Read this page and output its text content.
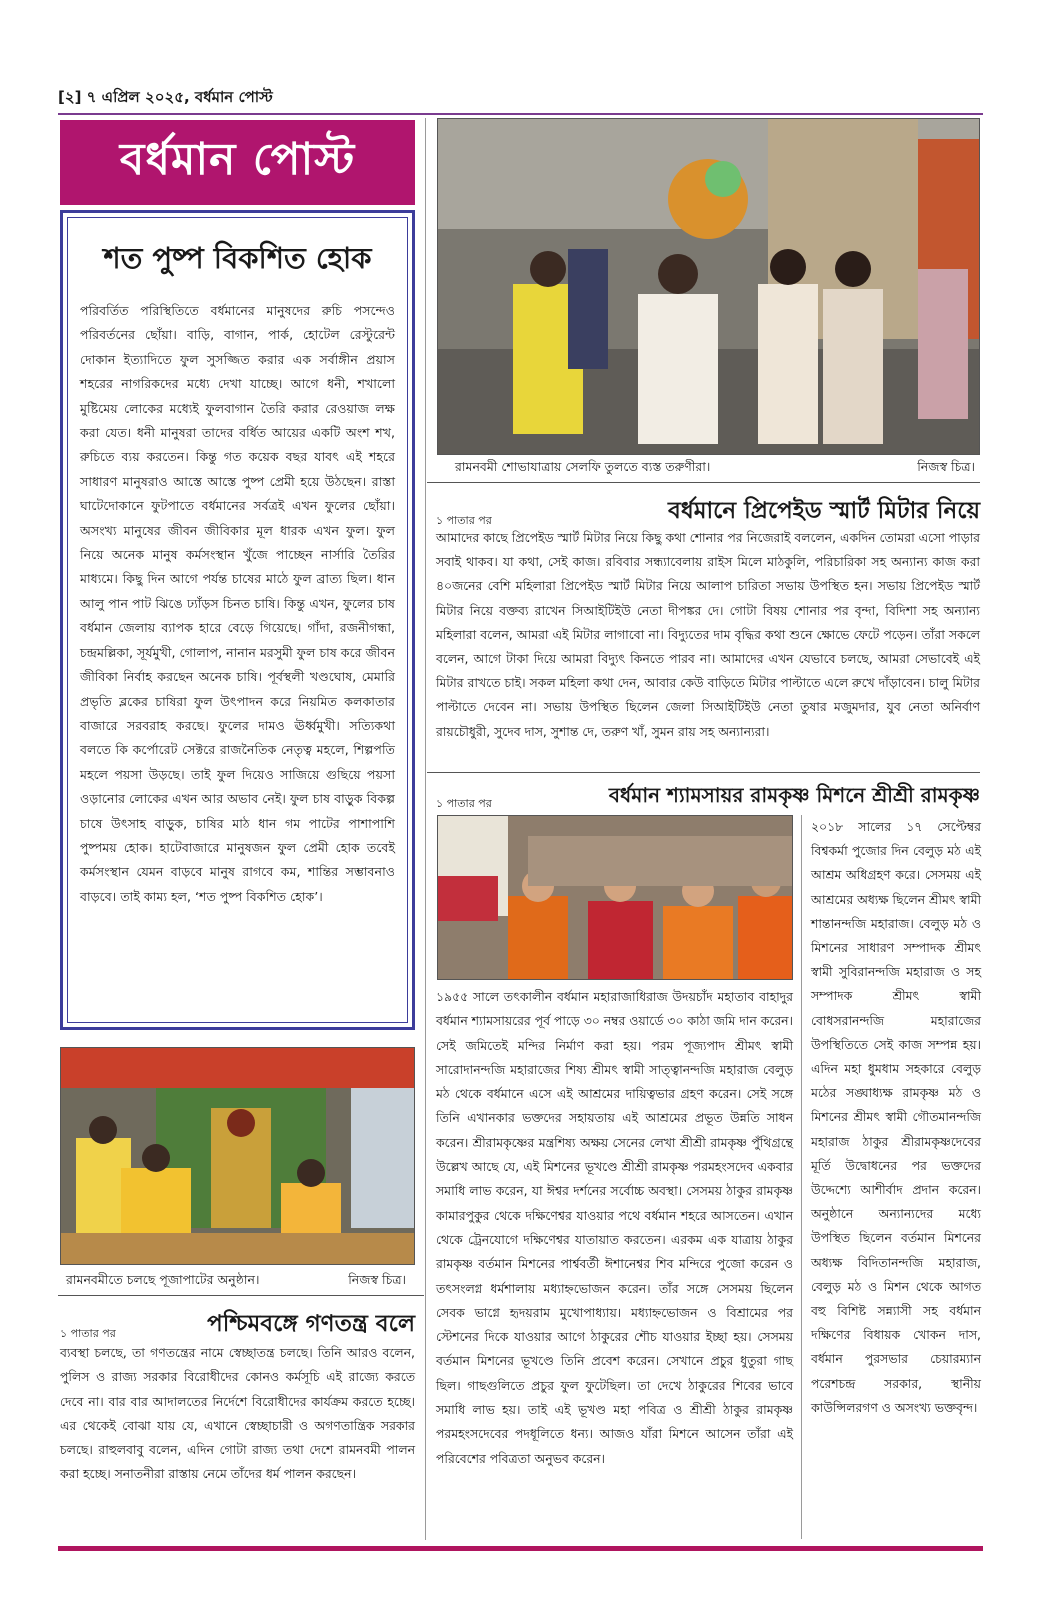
[২] ৭ এপ্রিল ২০২৫, বর্ধমান পোস্ট
বর্ধমান পোস্ট
শত পুষ্প বিকশিত হোক
পরিবর্তিত পরিস্থিতিতে বর্ধমানের মানুষদের রুচি পসন্দেও পরিবর্তনের ছোঁয়া। বাড়ি, বাগান, পার্ক, হোটেল রেস্টুরেন্ট দোকান ইত্যাদিতে ফুল সুসজ্জিত করার এক সর্বাঙ্গীন প্রয়াস শহরের নাগরিকদের মধ্যে দেখা যাচ্ছে। আগে ধনী, শখালো মুষ্টিমেয় লোকের মধ্যেই ফুলবাগান তৈরি করার রেওয়াজ লক্ষ করা যেত। ধনী মানুষরা তাদের বর্ধিত আয়ের একটি অংশ শখ, রুচিতে ব্যয় করতেন। কিন্তু গত কয়েক বছর যাবৎ এই শহরে সাধারণ মানুষরাও আস্তে আস্তে পুষ্প প্রেমী হয়ে উঠছেন। রাস্তা ঘাটেদোকানে ফুটপাতে বর্ধমানের সর্বত্রই এখন ফুলের ছোঁয়া। অসংখ্য মানুষের জীবন জীবিকার মূল ধারক এখন ফুল। ফুল নিয়ে অনেক মানুষ কর্মসংস্থান খুঁজে পাচ্ছেন নার্সারি তৈরির মাধ্যমে। কিছু দিন আগে পর্যন্ত চাষের মাঠে ফুল ব্রাত্য ছিল। ধান আলু পান পাট ঝিঙে ঢ্যাঁড়স চিনত চাষি। কিন্তু এখন, ফুলের চাষ বর্ধমান জেলায় ব্যাপক হারে বেড়ে গিয়েছে। গাঁদা, রজনীগন্ধা, চন্দ্রমল্লিকা, সূর্যমুখী, গোলাপ, নানান মরসুমী ফুল চাষ করে জীবন জীবিকা নির্বাহ করছেন অনেক চাষি। পূর্বস্থলী খণ্ডঘোষ, মেমারি প্রভৃতি ব্লকের চাষিরা ফুল উৎপাদন করে নিয়মিত কলকাতার বাজারে সরবরাহ করছে। ফুলের দামও ঊর্ধ্বমুখী। সত্যিকথা বলতে কি কর্পোরেট সেক্টরে রাজনৈতিক নেতৃত্ব মহলে, শিল্পপতি মহলে পয়সা উড়ছে। তাই ফুল দিয়েও সাজিয়ে গুছিয়ে পয়সা ওড়ানোর লোকের এখন আর অভাব নেই। ফুল চাষ বাড়ুক বিকল্প চাষে উৎসাহ বাড়ুক, চাষির মাঠ ধান গম পাটের পাশাপাশি পুষ্পময় হোক। হাটেবাজারে মানুষজন ফুল প্রেমী হোক তবেই কর্মসংস্থান যেমন বাড়বে মানুষ রাগবে কম, শান্তির সম্ভাবনাও বাড়বে। তাই কাম্য হল, ‘শত পুষ্প বিকশিত হোক’।
রামনবমী শোভাযাত্রায় সেলফি তুলতে ব্যস্ত তরুণীরা।	নিজস্ব চিত্র।
১ পাতার পর	বর্ধমানে প্রিপেইড স্মার্ট মিটার নিয়ে
আমাদের কাছে প্রিপেইড স্মার্ট মিটার নিয়ে কিছু কথা শোনার পর নিজেরাই বললেন, একদিন তোমরা এসো পাড়ার সবাই থাকব। যা কথা, সেই কাজ। রবিবার সন্ধ্যাবেলায় রাইস মিলে মাঠকুলি, পরিচারিকা সহ অন্যান্য কাজ করা ৪০জনের বেশি মহিলারা প্রিপেইড স্মার্ট মিটার নিয়ে আলাপ চারিতা সভায় উপস্থিত হন। সভায় প্রিপেইড স্মার্ট মিটার নিয়ে বক্তব্য রাখেন সিআইটিইউ নেতা দীপঙ্কর দে। গোটা বিষয় শোনার পর বৃন্দা, বিদিশা সহ অন্যান্য মহিলারা বলেন, আমরা এই মিটার লাগাবো না। বিদ্যুতের দাম বৃদ্ধির কথা শুনে ক্ষোভে ফেটে পড়েন। তাঁরা সকলে বলেন, আগে টাকা দিয়ে আমরা বিদ্যুৎ কিনতে পারব না। আমাদের এখন যেভাবে চলছে, আমরা সেভাবেই এই মিটার রাখতে চাই। সকল মহিলা কথা দেন, আবার কেউ বাড়িতে মিটার পাল্টাতে এলে রুখে দাঁড়াবেন। চালু মিটার পাল্টাতে দেবেন না। সভায় উপস্থিত ছিলেন জেলা সিআইটিইউ নেতা তুষার মজুমদার, যুব নেতা অনির্বাণ রায়চৌধুরী, সুদেব দাস, সুশান্ত দে, তরুণ খাঁ, সুমন রায় সহ অন্যান্যরা।
১ পাতার পর	বর্ধমান শ্যামসায়র রামকৃষ্ণ মিশনে শ্রীশ্রী রামকৃষ্ণ
১৯৫৫ সালে তৎকালীন বর্ধমান মহারাজাধিরাজ উদয়চাঁদ মহাতাব বাহাদুর বর্ধমান শ্যামসায়রের পূর্ব পাড়ে ৩০ নম্বর ওয়ার্ডে ৩০ কাঠা জমি দান করেন। সেই জমিতেই মন্দির নির্মাণ করা হয়। পরম পূজ্যপাদ শ্রীমৎ স্বামী সারোদানন্দজি মহারাজের শিষ্য শ্রীমৎ স্বামী সাত্ত্বানন্দজি মহারাজ বেলুড় মঠ থেকে বর্ধমানে এসে এই আশ্রমের দায়িত্বভার গ্রহণ করেন। সেই সঙ্গে তিনি এখানকার ভক্তদের সহায়তায় এই আশ্রমের প্রভূত উন্নতি সাধন করেন। শ্রীরামকৃষ্ণের মন্ত্রশিষ্য অক্ষয় সেনের লেখা শ্রীশ্রী রামকৃষ্ণ পুঁথিগ্রন্থে উল্লেখ আছে যে, এই মিশনের ভূখণ্ডে শ্রীশ্রী রামকৃষ্ণ পরমহংসদেব একবার সমাধি লাভ করেন, যা ঈশ্বর দর্শনের সর্বোচ্চ অবস্থা। সেসময় ঠাকুর রামকৃষ্ণ কামারপুকুর থেকে দক্ষিণেশ্বর যাওয়ার পথে বর্ধমান শহরে আসতেন। এখান থেকে ট্রেনযোগে দক্ষিণেশ্বর যাতায়াত করতেন। এরকম এক যাত্রায় ঠাকুর রামকৃষ্ণ বর্তমান মিশনের পার্শ্ববর্তী ঈশানেশ্বর শিব মন্দিরে পুজো করেন ও তৎসংলগ্ন ধর্মশালায় মধ্যাহ্নভোজন করেন। তাঁর সঙ্গে সেসময় ছিলেন সেবক ভাগ্নে হৃদয়রাম মুখোপাধ্যায়। মধ্যাহ্নভোজন ও বিশ্রামের পর স্টেশনের দিকে যাওয়ার আগে ঠাকুরের শৌচ যাওয়ার ইচ্ছা হয়। সেসময় বর্তমান মিশনের ভূখণ্ডে তিনি প্রবেশ করেন। সেখানে প্রচুর ধুতুরা গাছ ছিল। গাছগুলিতে প্রচুর ফুল ফুটেছিল। তা দেখে ঠাকুরের শিবের ভাবে সমাধি লাভ হয়। তাই এই ভূখণ্ড মহা পবিত্র ও শ্রীশ্রী ঠাকুর রামকৃষ্ণ পরমহংসদেবের পদধূলিতে ধন্য। আজও যাঁরা মিশনে আসেন তাঁরা এই পরিবেশের পবিত্রতা অনুভব করেন।
২০১৮ সালের ১৭ সেপ্টেম্বর বিশ্বকর্মা পুজোর দিন বেলুড় মঠ এই আশ্রম অধিগ্রহণ করে। সেসময় এই আশ্রমের অধ্যক্ষ ছিলেন শ্রীমৎ স্বামী শান্তানন্দজি মহারাজ। বেলুড় মঠ ও মিশনের সাধারণ সম্পাদক শ্রীমৎ স্বামী সুবিরানন্দজি মহারাজ ও সহ সম্পাদক শ্রীমৎ স্বামী বোধসরানন্দজি মহারাজের উপস্থিতিতে সেই কাজ সম্পন্ন হয়। এদিন মহা ধুমধাম সহকারে বেলুড় মঠের সঙ্ঘাধ্যক্ষ রামকৃষ্ণ মঠ ও মিশনের শ্রীমৎ স্বামী গৌতমানন্দজি মহারাজ ঠাকুর শ্রীরামকৃষ্ণদেবের মূর্তি উদ্বোধনের পর ভক্তদের উদ্দেশ্যে আশীর্বাদ প্রদান করেন। অনুষ্ঠানে অন্যান্যদের মধ্যে উপস্থিত ছিলেন বর্তমান মিশনের অধ্যক্ষ বিদিতানন্দজি মহারাজ, বেলুড় মঠ ও মিশন থেকে আগত বহু বিশিষ্ট সন্ন্যাসী সহ বর্ধমান দক্ষিণের বিধায়ক খোকন দাস, বর্ধমান পুরসভার চেয়ারম্যান পরেশচন্দ্র সরকার, স্থানীয় কাউন্সিলরগণ ও অসংখ্য ভক্তবৃন্দ।
রামনবমীতে চলছে পূজাপাটের অনুষ্ঠান।	নিজস্ব চিত্র।
১ পাতার পর	পশ্চিমবঙ্গে গণতন্ত্র বলে
ব্যবস্থা চলছে, তা গণতন্ত্রের নামে স্বেচ্ছাতন্ত্র চলছে। তিনি আরও বলেন, পুলিস ও রাজ্য সরকার বিরোধীদের কোনও কর্মসূচি এই রাজ্যে করতে দেবে না। বার বার আদালতের নির্দেশে বিরোধীদের কার্যক্রম করতে হচ্ছে। এর থেকেই বোঝা যায় যে, এখানে স্বেচ্ছাচারী ও অগণতান্ত্রিক সরকার চলছে। রাহুলবাবু বলেন, এদিন গোটা রাজ্য তথা দেশে রামনবমী পালন করা হচ্ছে। সনাতনীরা রাস্তায় নেমে তাঁদের ধর্ম পালন করছেন।
